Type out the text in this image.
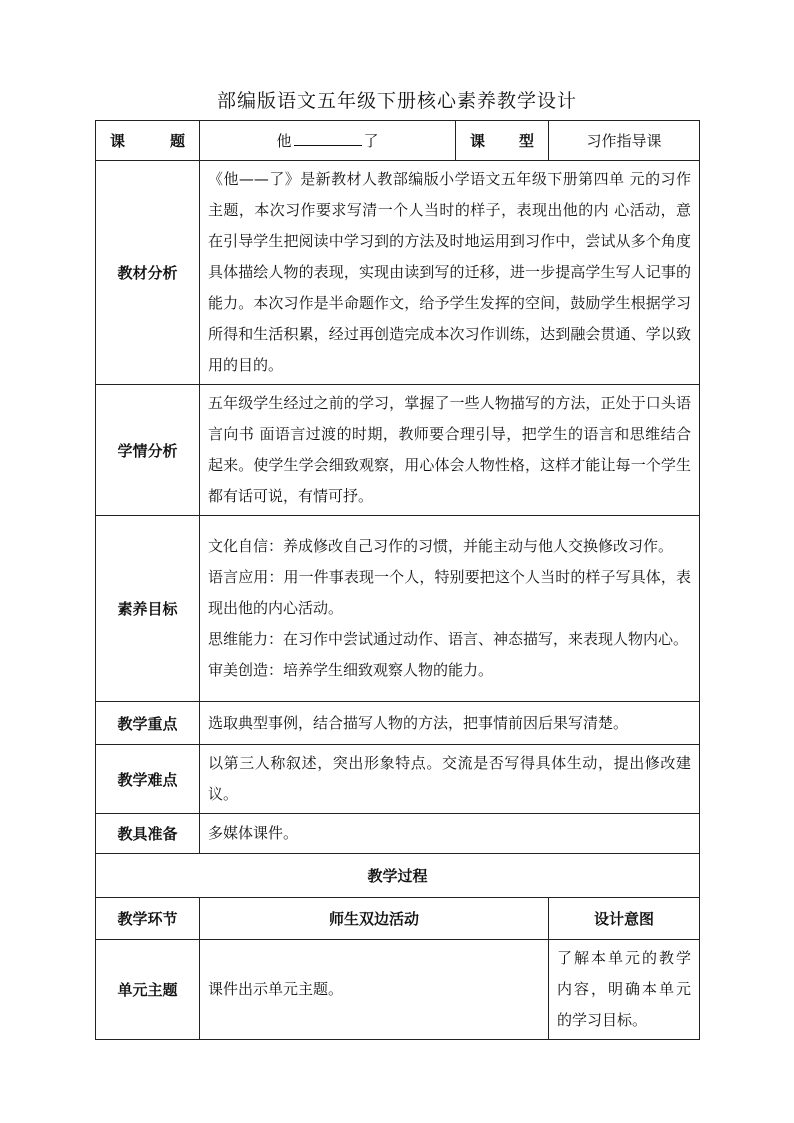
部编版语文五年级下册核心素养教学设计
课　　题	他 了	课　型	习作指导课
教材分析	《他——了》是新教材人教部编版小学语文五年级下册第四单 元的习作主题，本次习作要求写清一个人当时的样子，表现出他的内 心活动，意在引导学生把阅读中学习到的方法及时地运用到习作中，尝试从多个角度具体描绘人物的表现，实现由读到写的迁移，进一步提高学生写人记事的能力。本次习作是半命题作文，给予学生发挥的空间，鼓励学生根据学习所得和生活积累，经过再创造完成本次习作训练，达到融会贯通、学以致用的目的。		

学情分析	五年级学生经过之前的学习，掌握了一些人物描写的方法，正处于口头语言向书 面语言过渡的时期，教师要合理引导，把学生的语言和思维结合起来。使学生学会细致观察，用心体会人物性格，这样才能让每一个学生都有话可说，有情可抒。		

素养目标	文化自信：养成修改自己习作的习惯，并能主动与他人交换修改习作。

语言应用：用一件事表现一个人，特别要把这个人当时的样子写具体，表现出他的内心活动。

思维能力：在习作中尝试通过动作、语言、神态描写，来表现人物内心。

审美创造：培养学生细致观察人物的能力。		

教学重点	选取典型事例，结合描写人物的方法，把事情前因后果写清楚。		
教学难点	以第三人称叙述，突出形象特点。交流是否写得具体生动，提出修改建议。		

教具准备	多媒体课件。		
教学过程			
教学环节	师生双边活动		设计意图
单元主题	课件出示单元主题。		了解本单元的教学内容，明确本单元的学习目标。
